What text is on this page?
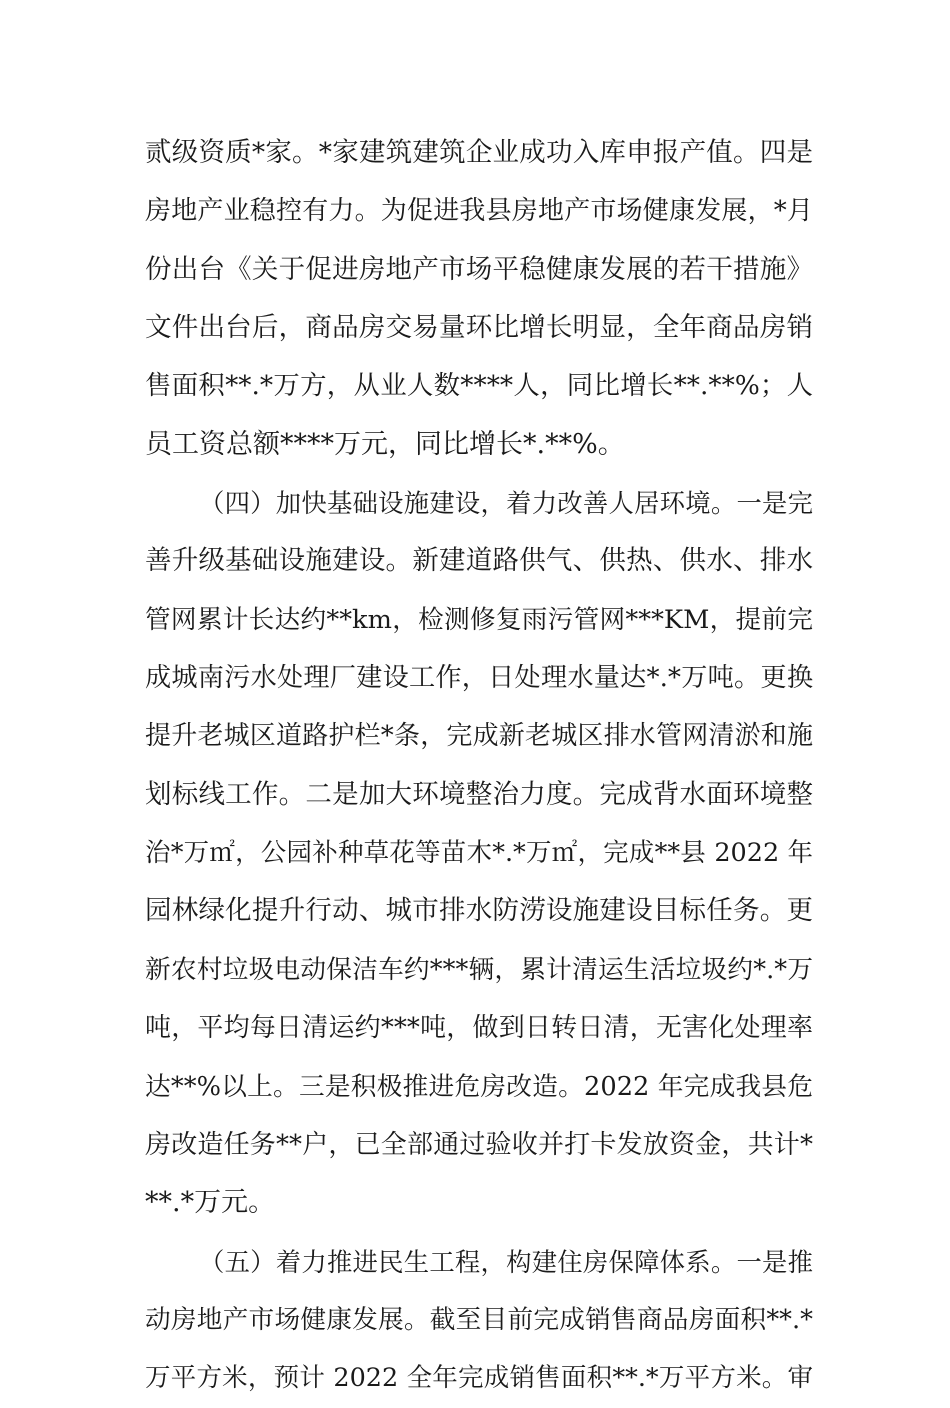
贰级资质*家。*家建筑建筑企业成功入库申报产值。四是
房地产业稳控有力。为促进我县房地产市场健康发展，*月
份出台《关于促进房地产市场平稳健康发展的若干措施》
文件出台后，商品房交易量环比增长明显，全年商品房销
售面积**.*万方，从业人数****人，同比增长**.**%；人
员工资总额****万元，同比增长*.**%。
（四）加快基础设施建设，着力改善人居环境。一是完
善升级基础设施建设。新建道路供气、供热、供水、排水
管网累计长达约**km，检测修复雨污管网***KM，提前完
成城南污水处理厂建设工作，日处理水量达*.*万吨。更换
提升老城区道路护栏*条，完成新老城区排水管网清淤和施
划标线工作。二是加大环境整治力度。完成背水面环境整
治*万㎡，公园补种草花等苗木*.*万㎡，完成**县 2022 年
园林绿化提升行动、城市排水防涝设施建设目标任务。更
新农村垃圾电动保洁车约***辆，累计清运生活垃圾约*.*万
吨，平均每日清运约***吨，做到日转日清，无害化处理率
达**%以上。三是积极推进危房改造。2022 年完成我县危
房改造任务**户，已全部通过验收并打卡发放资金，共计*
**.*万元。
（五）着力推进民生工程，构建住房保障体系。一是推
动房地产市场健康发展。截至目前完成销售商品房面积**.*
万平方米，预计 2022 全年完成销售面积**.*万平方米。审
